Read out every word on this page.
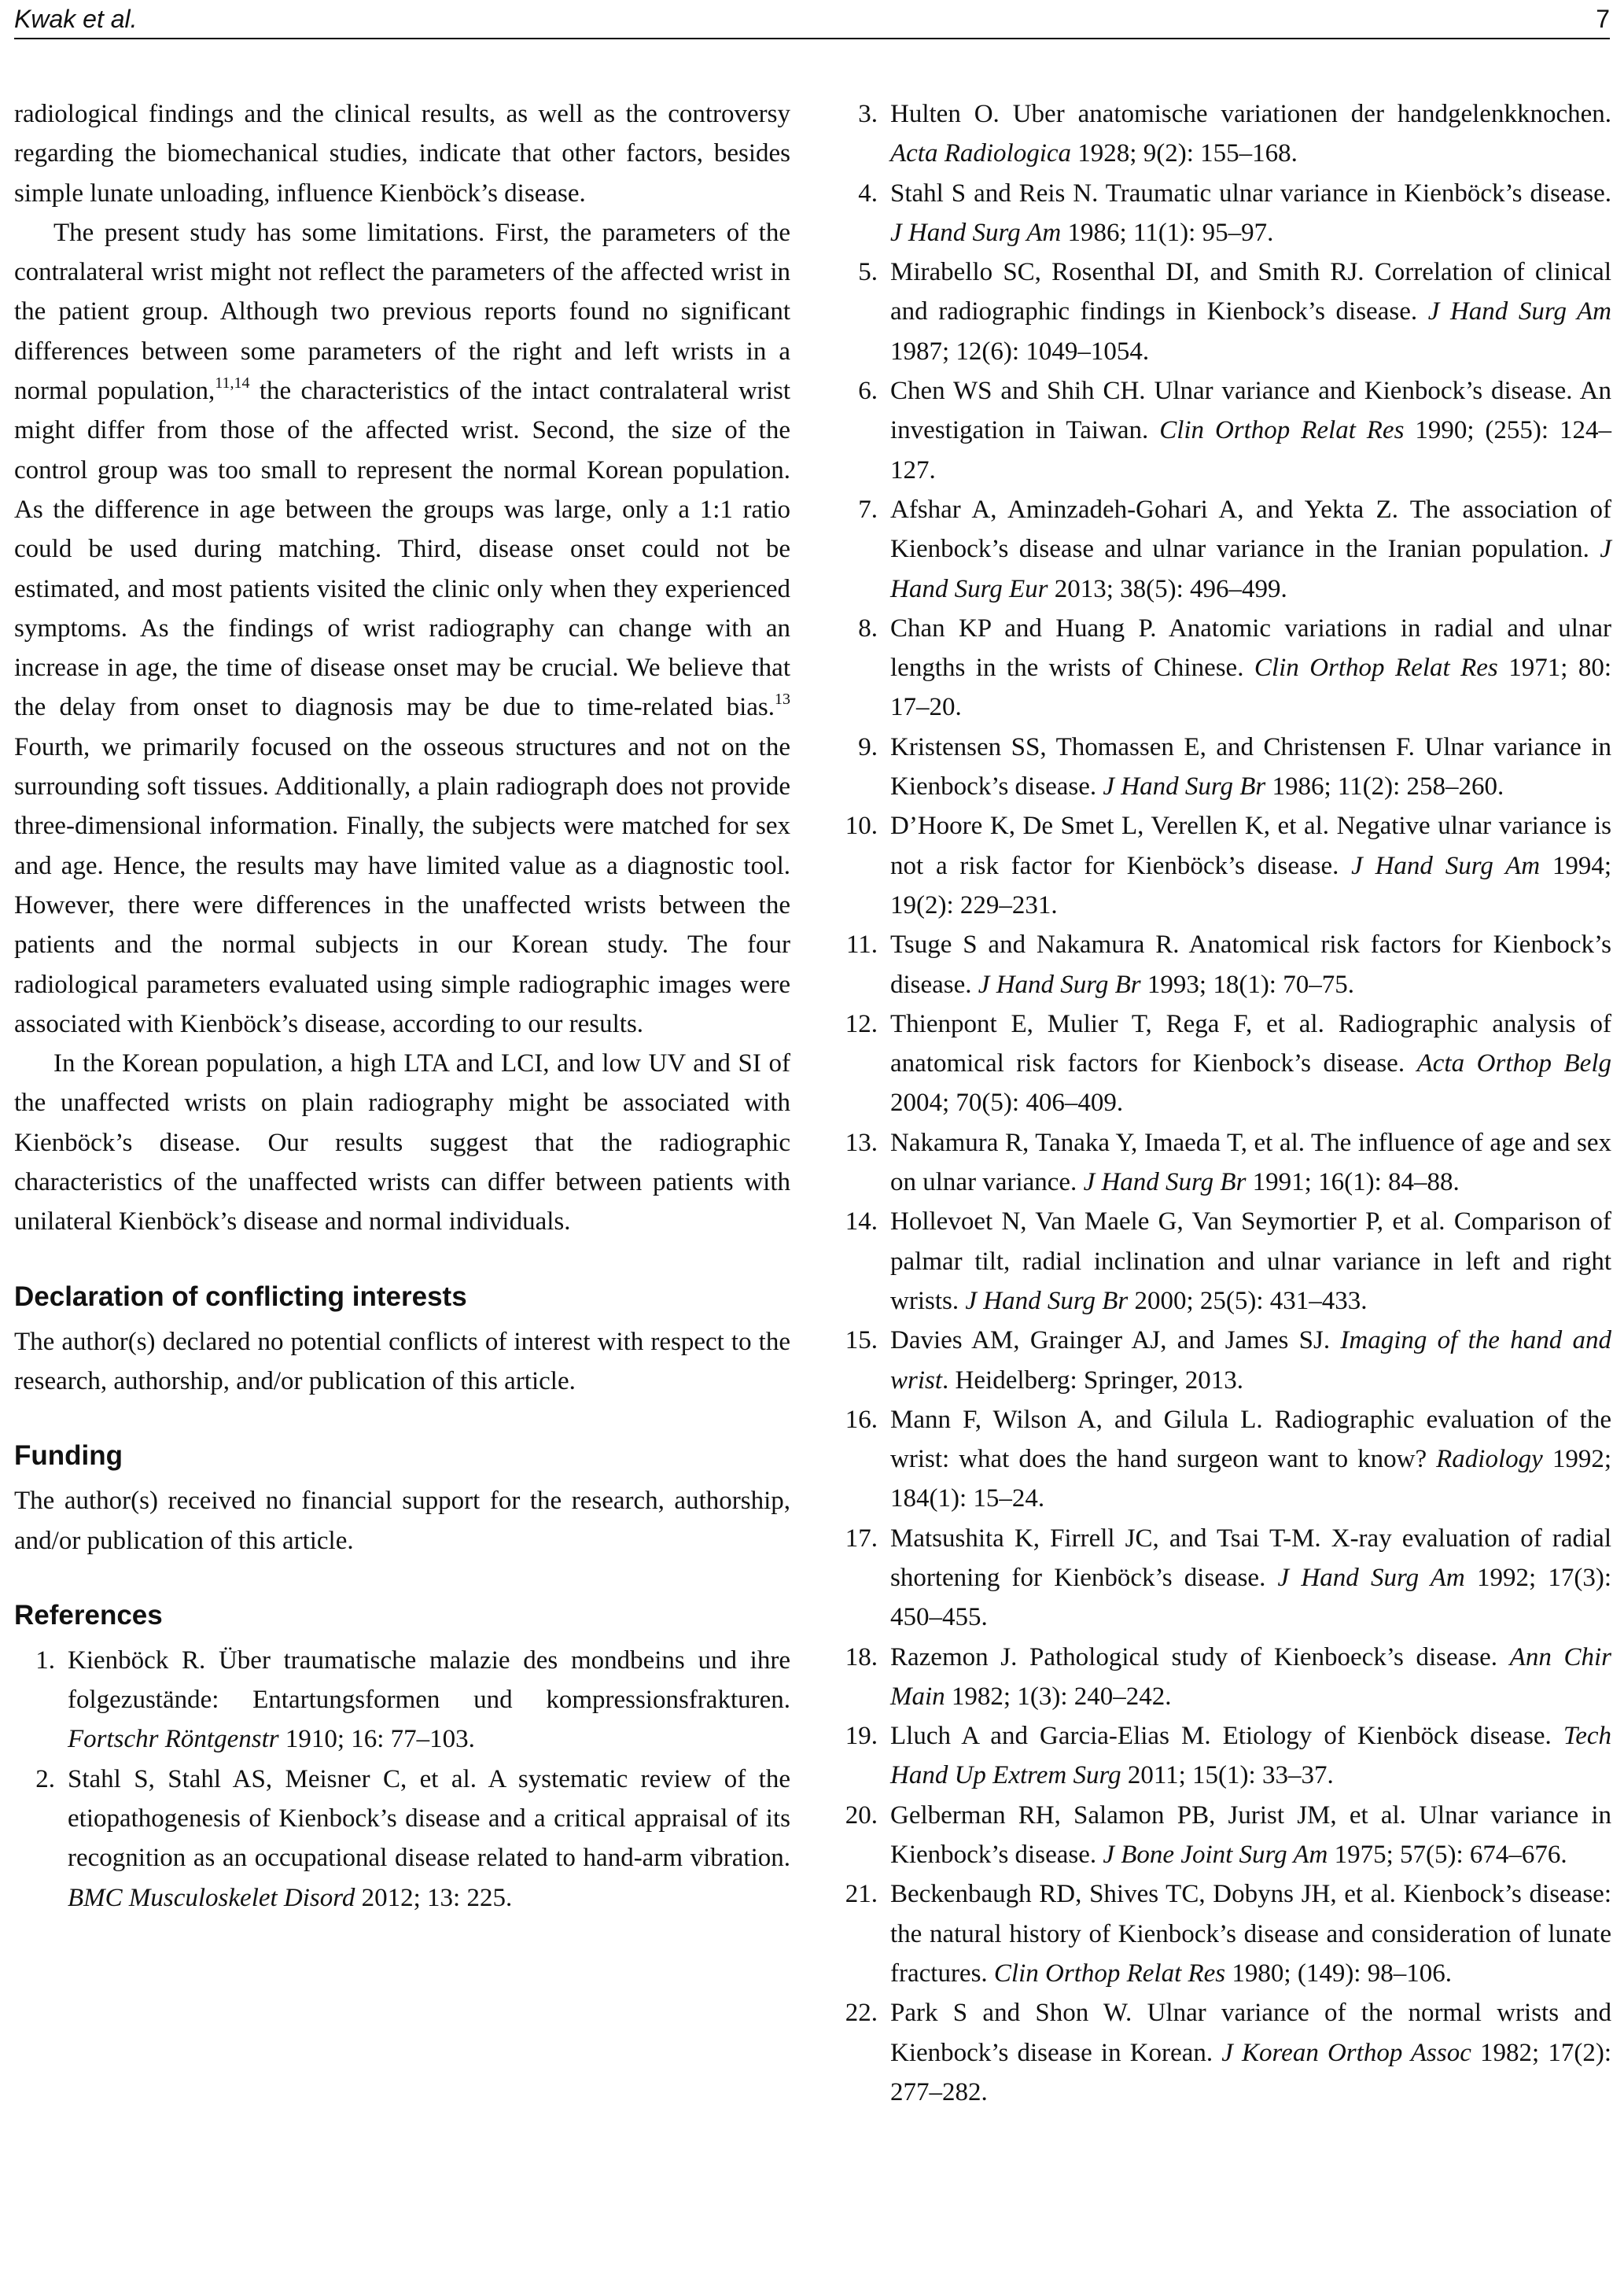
Kwak et al.	7

radiological findings and the clinical results, as well as the controversy regarding the biomechanical studies, indicate that other factors, besides simple lunate unloading, influence Kienböck’s disease.

The present study has some limitations. First, the parameters of the contralateral wrist might not reflect the parameters of the affected wrist in the patient group. Although two previous reports found no significant differences between some parameters of the right and left wrists in a normal population,$^{11,14}$ the characteristics of the intact contralateral wrist might differ from those of the affected wrist. Second, the size of the control group was too small to represent the normal Korean population. As the difference in age between the groups was large, only a 1:1 ratio could be used during matching. Third, disease onset could not be estimated, and most patients visited the clinic only when they experienced symptoms. As the findings of wrist radiography can change with an increase in age, the time of disease onset may be crucial. We believe that the delay from onset to diagnosis may be due to time-related bias.$^{13}$ Fourth, we primarily focused on the osseous structures and not on the surrounding soft tissues. Additionally, a plain radiograph does not provide three-dimensional information. Finally, the subjects were matched for sex and age. Hence, the results may have limited value as a diagnostic tool. However, there were differences in the unaffected wrists between the patients and the normal subjects in our Korean study. The four radiological parameters evaluated using simple radiographic images were associated with Kienböck’s disease, according to our results.

In the Korean population, a high LTA and LCI, and low UV and SI of the unaffected wrists on plain radiography might be associated with Kienböck’s disease. Our results suggest that the radiographic characteristics of the unaffected wrists can differ between patients with unilateral Kienböck’s disease and normal individuals.

Declaration of conflicting interests

The author(s) declared no potential conflicts of interest with respect to the research, authorship, and/or publication of this article.

Funding

The author(s) received no financial support for the research, authorship, and/or publication of this article.

References
1. Kienböck R. Über traumatische malazie des mondbeins und ihre folgezustände: Entartungsformen und kompressionsfrakturen. Fortschr Röntgenstr 1910; 16: 77–103.
2. Stahl S, Stahl AS, Meisner C, et al. A systematic review of the etiopathogenesis of Kienbock’s disease and a critical appraisal of its recognition as an occupational disease related to hand-arm vibration. BMC Musculoskelet Disord 2012; 13: 225.
3. Hulten O. Uber anatomische variationen der handgelenkknochen. Acta Radiologica 1928; 9(2): 155–168.
4. Stahl S and Reis N. Traumatic ulnar variance in Kienböck’s disease. J Hand Surg Am 1986; 11(1): 95–97.
5. Mirabello SC, Rosenthal DI, and Smith RJ. Correlation of clinical and radiographic findings in Kienbock’s disease. J Hand Surg Am 1987; 12(6): 1049–1054.
6. Chen WS and Shih CH. Ulnar variance and Kienbock’s disease. An investigation in Taiwan. Clin Orthop Relat Res 1990; (255): 124–127.
7. Afshar A, Aminzadeh-Gohari A, and Yekta Z. The association of Kienbock’s disease and ulnar variance in the Iranian population. J Hand Surg Eur 2013; 38(5): 496–499.
8. Chan KP and Huang P. Anatomic variations in radial and ulnar lengths in the wrists of Chinese. Clin Orthop Relat Res 1971; 80: 17–20.
9. Kristensen SS, Thomassen E, and Christensen F. Ulnar variance in Kienbock’s disease. J Hand Surg Br 1986; 11(2): 258–260.
10. D’Hoore K, De Smet L, Verellen K, et al. Negative ulnar variance is not a risk factor for Kienböck’s disease. J Hand Surg Am 1994; 19(2): 229–231.
11. Tsuge S and Nakamura R. Anatomical risk factors for Kienbock’s disease. J Hand Surg Br 1993; 18(1): 70–75.
12. Thienpont E, Mulier T, Rega F, et al. Radiographic analysis of anatomical risk factors for Kienbock’s disease. Acta Orthop Belg 2004; 70(5): 406–409.
13. Nakamura R, Tanaka Y, Imaeda T, et al. The influence of age and sex on ulnar variance. J Hand Surg Br 1991; 16(1): 84–88.
14. Hollevoet N, Van Maele G, Van Seymortier P, et al. Comparison of palmar tilt, radial inclination and ulnar variance in left and right wrists. J Hand Surg Br 2000; 25(5): 431–433.
15. Davies AM, Grainger AJ, and James SJ. Imaging of the hand and wrist. Heidelberg: Springer, 2013.
16. Mann F, Wilson A, and Gilula L. Radiographic evaluation of the wrist: what does the hand surgeon want to know? Radiology 1992; 184(1): 15–24.
17. Matsushita K, Firrell JC, and Tsai T-M. X-ray evaluation of radial shortening for Kienböck’s disease. J Hand Surg Am 1992; 17(3): 450–455.
18. Razemon J. Pathological study of Kienboeck’s disease. Ann Chir Main 1982; 1(3): 240–242.
19. Lluch A and Garcia-Elias M. Etiology of Kienböck disease. Tech Hand Up Extrem Surg 2011; 15(1): 33–37.
20. Gelberman RH, Salamon PB, Jurist JM, et al. Ulnar variance in Kienbock’s disease. J Bone Joint Surg Am 1975; 57(5): 674–676.
21. Beckenbaugh RD, Shives TC, Dobyns JH, et al. Kienbock’s disease: the natural history of Kienbock’s disease and consideration of lunate fractures. Clin Orthop Relat Res 1980; (149): 98–106.
22. Park S and Shon W. Ulnar variance of the normal wrists and Kienbock’s disease in Korean. J Korean Orthop Assoc 1982; 17(2): 277–282.
